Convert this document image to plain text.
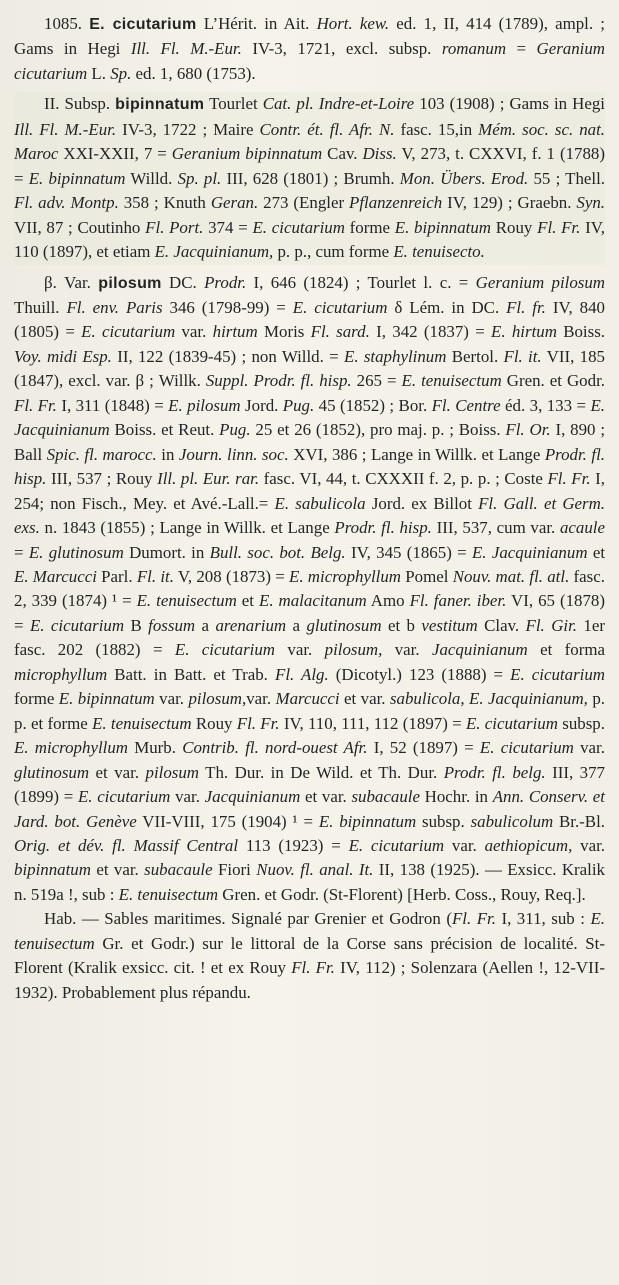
1085. E. cicutarium L’Hérit. in Ait. Hort. kew. ed. 1, II, 414 (1789), ampl. ; Gams in Hegi Ill. Fl. M.-Eur. IV-3, 1721, excl. subsp. romanum = Geranium cicutarium L. Sp. ed. 1, 680 (1753).

II. Subsp. bipinnatum Tourlet Cat. pl. Indre-et-Loire 103 (1908) ; Gams in Hegi Ill. Fl. M.-Eur. IV-3, 1722 ; Maire Contr. ét. fl. Afr. N. fasc. 15,in Mém. soc. sc. nat. Maroc XXI-XXII, 7 = Geranium bipinnatum Cav. Diss. V, 273, t. CXXVI, f. 1 (1788) = E. bipinnatum Willd. Sp. pl. III, 628 (1801) ; Brumh. Mon. Übers. Erod. 55 ; Thell. Fl. adv. Montp. 358 ; Knuth Geran. 273 (Engler Pflanzenreich IV, 129) ; Graebn. Syn. VII, 87 ; Coutinho Fl. Port. 374 = E. cicutarium forme E. bipinnatum Rouy Fl. Fr. IV, 110 (1897), et etiam E. Jacquinianum, p. p., cum forme E. tenuisecto.

β. Var. pilosum DC. Prodr. I, 646 (1824) ; Tourlet l. c. = Geranium pilosum Thuill. Fl. env. Paris 346 (1798-99) = E. cicutarium δ Lém. in DC. Fl. fr. IV, 840 (1805) = E. cicutarium var. hirtum Moris Fl. sard. I, 342 (1837) = E. hirtum Boiss. Voy. midi Esp. II, 122 (1839-45) ; non Willd. = E. staphylinum Bertol. Fl. it. VII, 185 (1847), excl. var. β ; Willk. Suppl. Prodr. fl. hisp. 265 = E. tenuisectum Gren. et Godr. Fl. Fr. I, 311 (1848) = E. pilosum Jord. Pug. 45 (1852) ; Bor. Fl. Centre éd. 3, 133 = E. Jacquinianum Boiss. et Reut. Pug. 25 et 26 (1852), pro maj. p. ; Boiss. Fl. Or. I, 890 ; Ball Spic. fl. marocc. in Journ. linn. soc. XVI, 386 ; Lange in Willk. et Lange Prodr. fl. hisp. III, 537 ; Rouy Ill. pl. Eur. rar. fasc. VI, 44, t. CXXXII f. 2, p. p. ; Coste Fl. Fr. I, 254; non Fisch., Mey. et Avé.-Lall.= E. sabulicola Jord. ex Billot Fl. Gall. et Germ. exs. n. 1843 (1855) ; Lange in Willk. et Lange Prodr. fl. hisp. III, 537, cum var. acaule = E. glutinosum Dumort. in Bull. soc. bot. Belg. IV, 345 (1865) = E. Jacquinianum et E. Marcucci Parl. Fl. it. V, 208 (1873) = E. microphyllum Pomel Nouv. mat. fl. atl. fasc. 2, 339 (1874) ¹ = E. tenuisectum et E. malacitanum Amo Fl. faner. iber. VI, 65 (1878) = E. cicutarium B fossum a arenarium a glutinosum et b vestitum Clav. Fl. Gir. 1er fasc. 202 (1882) = E. cicutarium var. pilosum, var. Jacquinianum et forma microphyllum Batt. in Batt. et Trab. Fl. Alg. (Dicotyl.) 123 (1888) = E. cicutarium forme E. bipinnatum var. pilosum,var. Marcucci et var. sabulicola, E. Jacquinianum, p. p. et forme E. tenuisectum Rouy Fl. Fr. IV, 110, 111, 112 (1897) = E. cicutarium subsp. E. microphyllum Murb. Contrib. fl. nord-ouest Afr. I, 52 (1897) = E. cicutarium var. glutinosum et var. pilosum Th. Dur. in De Wild. et Th. Dur. Prodr. fl. belg. III, 377 (1899) = E. cicutarium var. Jacquinianum et var. subacaule Hochr. in Ann. Conserv. et Jard. bot. Genève VII-VIII, 175 (1904) ¹ = E. bipinnatum subsp. sabulicolum Br.-Bl. Orig. et dév. fl. Massif Central 113 (1923) = E. cicutarium var. aethiopicum, var. bipinnatum et var. subacaule Fiori Nuov. fl. anal. It. II, 138 (1925). — Exsicc. Kralik n. 519a !, sub : E. tenuisectum Gren. et Godr. (St-Florent) [Herb. Coss., Rouy, Req.].

Hab. — Sables maritimes. Signalé par Grenier et Godron (Fl. Fr. I, 311, sub : E. tenuisectum Gr. et Godr.) sur le littoral de la Corse sans précision de localité. St-Florent (Kralik exsicc. cit. ! et ex Rouy Fl. Fr. IV, 112) ; Solenzara (Aellen !, 12-VII-1932). Probablement plus répandu.
